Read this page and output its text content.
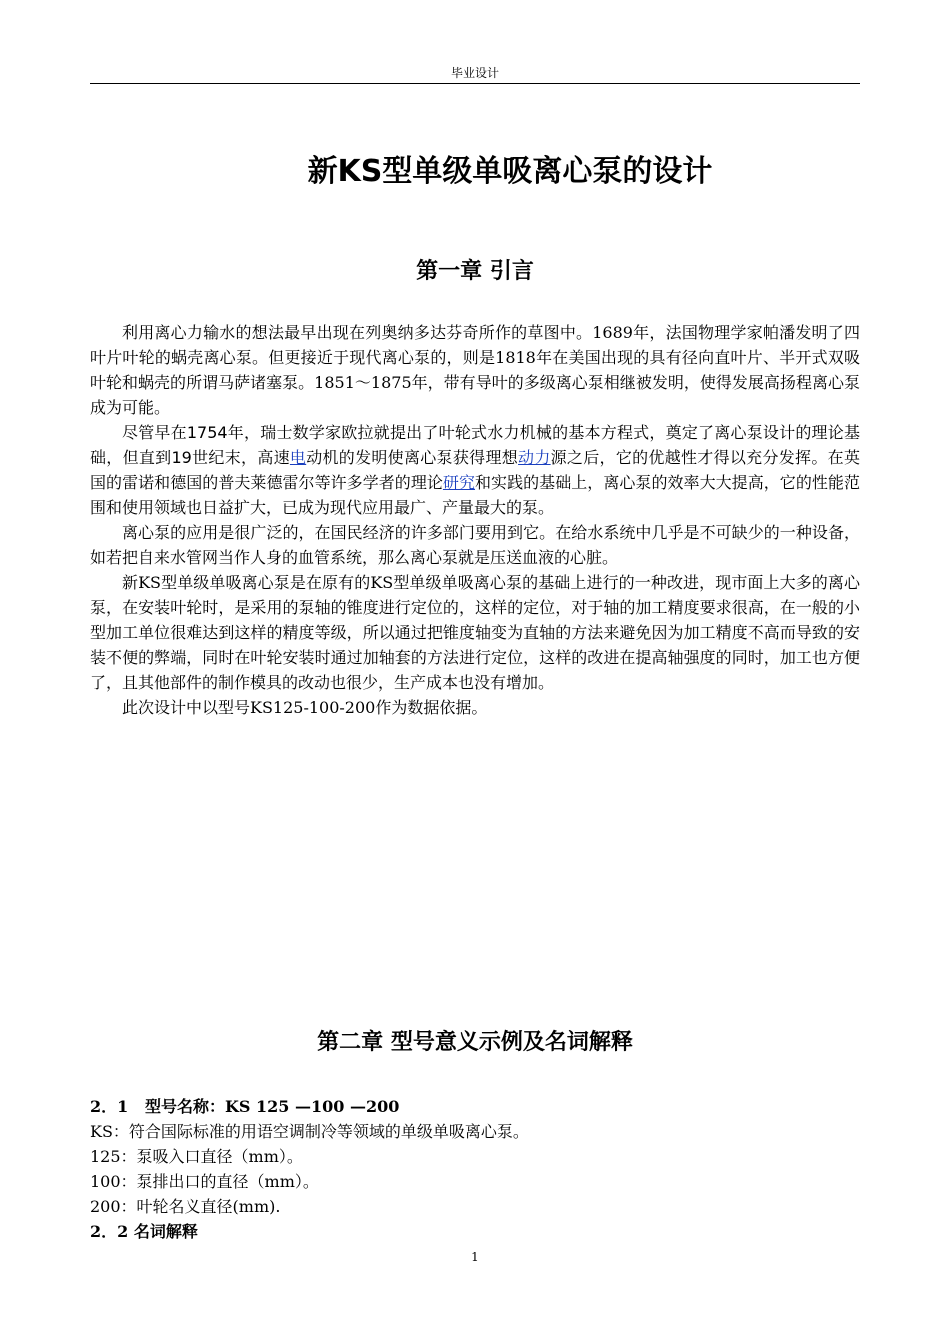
毕业设计
新KS型单级单吸离心泵的设计
第一章 引言

利用离心力输水的想法最早出现在列奥纳多达芬奇所作的草图中。1689年，法国物理学家帕潘发明了四叶片叶轮的蜗壳离心泵。但更接近于现代离心泵的，则是1818年在美国出现的具有径向直叶片、半开式双吸叶轮和蜗壳的所谓马萨诸塞泵。1851～1875年，带有导叶的多级离心泵相继被发明，使得发展高扬程离心泵成为可能。

尽管早在1754年，瑞士数学家欧拉就提出了叶轮式水力机械的基本方程式，奠定了离心泵设计的理论基础，但直到19世纪末，高速电动机的发明使离心泵获得理想动力源之后，它的优越性才得以充分发挥。在英国的雷诺和德国的普夫莱德雷尔等许多学者的理论研究和实践的基础上，离心泵的效率大大提高，它的性能范围和使用领域也日益扩大，已成为现代应用最广、产量最大的泵。

离心泵的应用是很广泛的，在国民经济的许多部门要用到它。在给水系统中几乎是不可缺少的一种设备，如若把自来水管网当作人身的血管系统，那么离心泵就是压送血液的心脏。

新KS型单级单吸离心泵是在原有的KS型单级单吸离心泵的基础上进行的一种改进，现市面上大多的离心泵，在安装叶轮时，是采用的泵轴的锥度进行定位的，这样的定位，对于轴的加工精度要求很高，在一般的小型加工单位很难达到这样的精度等级，所以通过把锥度轴变为直轴的方法来避免因为加工精度不高而导致的安装不便的弊端，同时在叶轮安装时通过加轴套的方法进行定位，这样的改进在提高轴强度的同时，加工也方便了，且其他部件的制作模具的改动也很少，生产成本也没有增加。

此次设计中以型号KS125-100-200作为数据依据。

第二章 型号意义示例及名词解释

2．1 型号名称：KS 125 —100 —200

KS：符合国际标准的用语空调制冷等领域的单级单吸离心泵。

125：泵吸入口直径（mm）。

100：泵排出口的直径（mm）。

200：叶轮名义直径(mm).

2．2 名词解释

1
